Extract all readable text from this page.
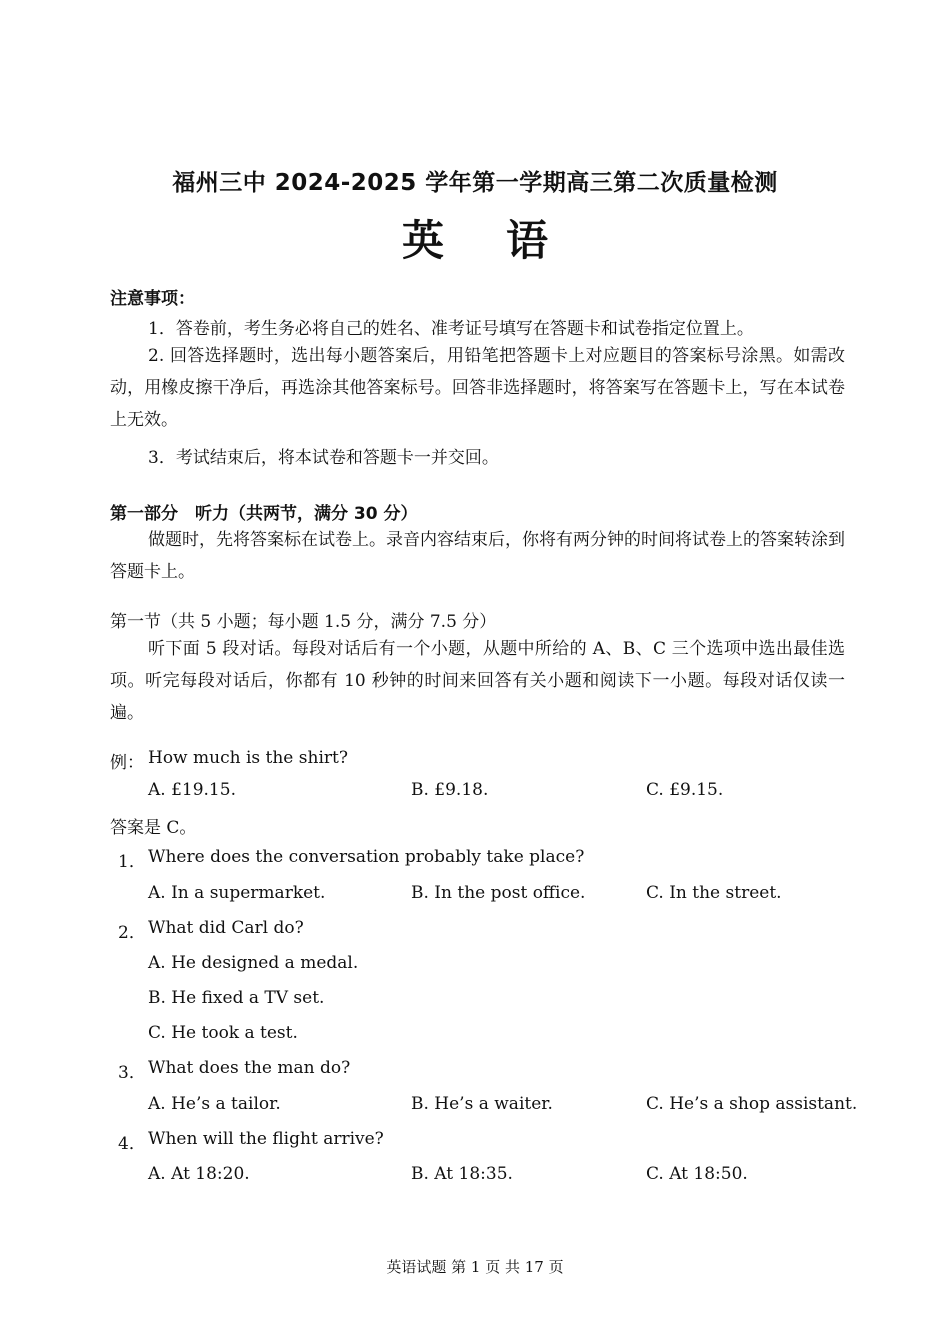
福州三中 2024-2025 学年第一学期高三第二次质量检测
英语
注意事项：
1．答卷前，考生务必将自己的姓名、准考证号填写在答题卡和试卷指定位置上。
2. 回答选择题时，选出每小题答案后，用铅笔把答题卡上对应题目的答案标号涂黑。如需改动，用橡皮擦干净后，再选涂其他答案标号。回答非选择题时，将答案写在答题卡上，写在本试卷上无效。
3．考试结束后，将本试卷和答题卡一并交回。
第一部分　听力（共两节，满分 30 分）
做题时，先将答案标在试卷上。录音内容结束后，你将有两分钟的时间将试卷上的答案转涂到答题卡上。
第一节（共 5 小题；每小题 1.5 分，满分 7.5 分）
听下面 5 段对话。每段对话后有一个小题，从题中所给的 A、B、C 三个选项中选出最佳选项。听完每段对话后，你都有 10 秒钟的时间来回答有关小题和阅读下一小题。每段对话仅读一遍。
例： How much is the shirt?
A. £19.15.	B. £9.18.	C. £9.15.
答案是 C。
1． Where does the conversation probably take place?
A. In a supermarket.	B. In the post office.	C. In the street.
2． What did Carl do?
A. He designed a medal.
B. He fixed a TV set.
C. He took a test.
3． What does the man do?
A. He’s a tailor.	B. He’s a waiter.	C. He’s a shop assistant.
4． When will the flight arrive?
A. At 18:20.	B. At 18:35.	C. At 18:50.
英语试题 第 1 页 共 17 页
